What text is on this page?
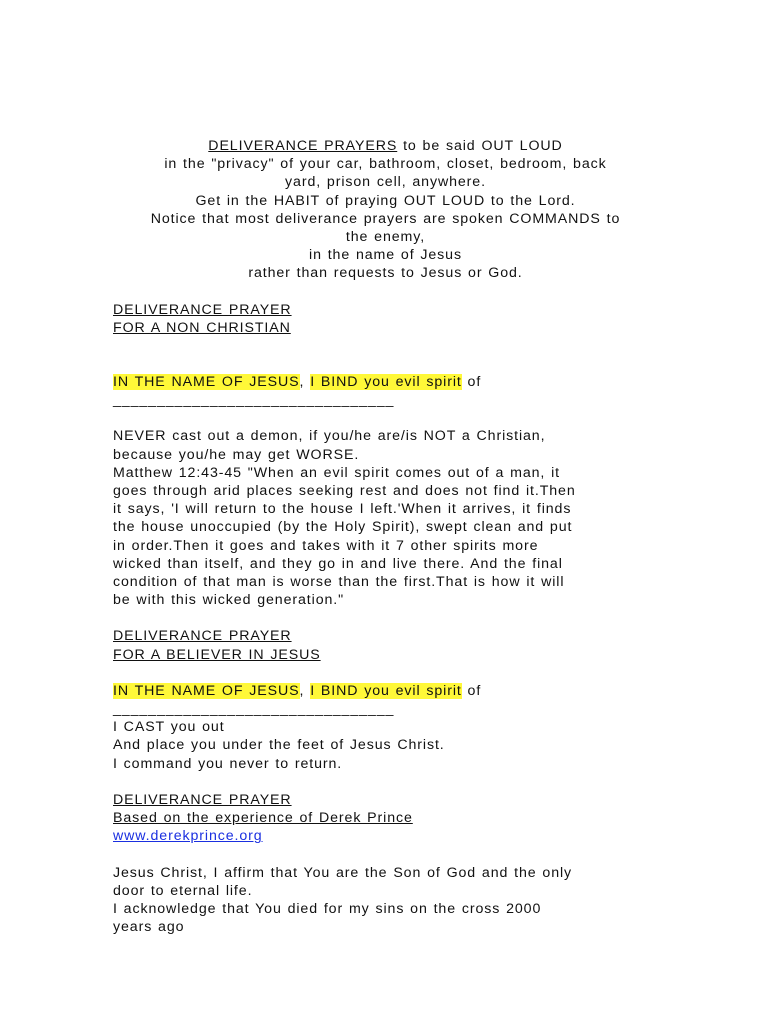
DELIVERANCE PRAYERS to be said OUT LOUD
in the "privacy" of your car, bathroom, closet, bedroom, back
yard, prison cell, anywhere.
Get in the HABIT of praying OUT LOUD to the Lord.
Notice that most deliverance prayers are spoken COMMANDS to
the enemy,
in the name of Jesus
rather than requests to Jesus or God.
DELIVERANCE PRAYER
FOR A NON CHRISTIAN
IN THE NAME OF JESUS, I BIND you evil spirit of
________________________________
NEVER cast out a demon, if you/he are/is NOT a Christian,
because you/he may get WORSE.
Matthew 12:43-45 "When an evil spirit comes out of a man, it
goes through arid places seeking rest and does not find it.Then
it says, 'I will return to the house I left.'When it arrives, it finds
the house unoccupied (by the Holy Spirit), swept clean and put
in order.Then it goes and takes with it 7 other spirits more
wicked than itself, and they go in and live there. And the final
condition of that man is worse than the first.That is how it will
be with this wicked generation."
DELIVERANCE PRAYER
FOR A BELIEVER IN JESUS
IN THE NAME OF JESUS, I BIND you evil spirit of
________________________________
I CAST you out
And place you under the feet of Jesus Christ.
I command you never to return.
DELIVERANCE PRAYER
Based on the experience of Derek Prince
www.derekprince.org
Jesus Christ, I affirm that You are the Son of God and the only
door to eternal life.
I acknowledge that You died for my sins on the cross 2000
years ago
